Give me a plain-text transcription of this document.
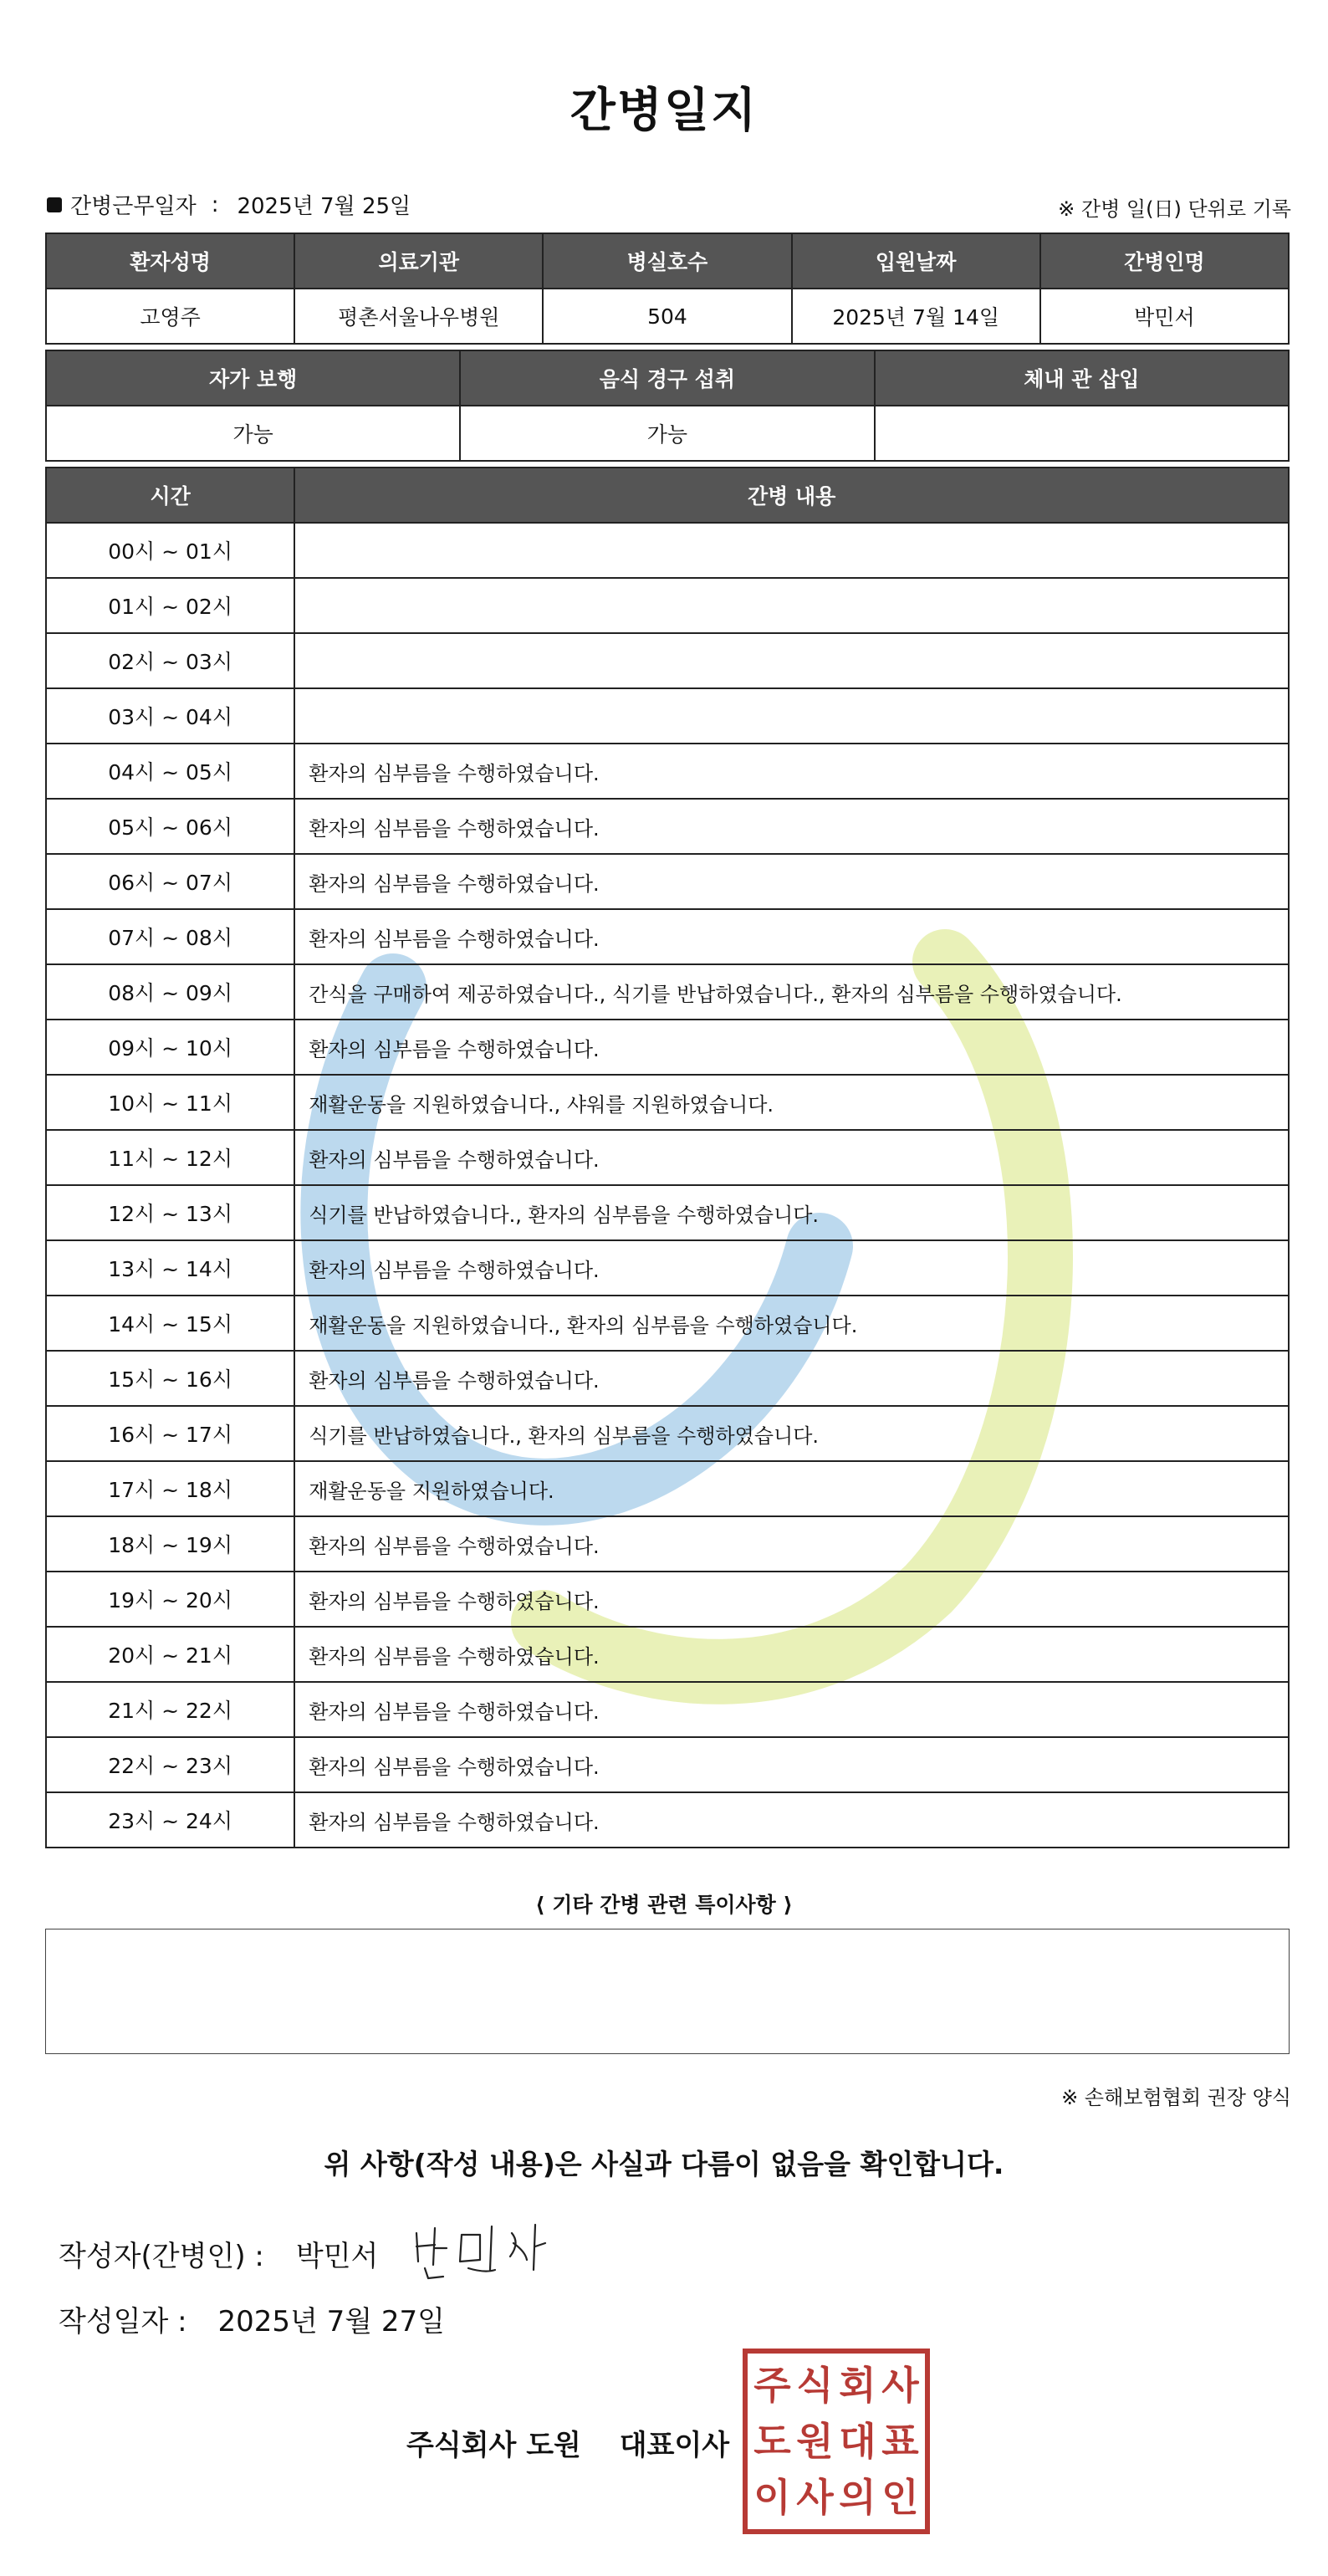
간병일지
간병근무일자 : 2025년 7월 25일	※ 간병 일(日) 단위로 기록
환자성명	의료기관	병실호수	입원날짜	간병인명
고영주	평촌서울나우병원	504	2025년 7월 14일	박민서
자가 보행	음식 경구 섭취	체내 관 삽입
가능	가능	
시간	간병 내용
00시 ~ 01시	
01시 ~ 02시	
02시 ~ 03시	
03시 ~ 04시	
04시 ~ 05시	환자의 심부름을 수행하였습니다.
05시 ~ 06시	환자의 심부름을 수행하였습니다.
06시 ~ 07시	환자의 심부름을 수행하였습니다.
07시 ~ 08시	환자의 심부름을 수행하였습니다.
08시 ~ 09시	간식을 구매하여 제공하였습니다., 식기를 반납하였습니다., 환자의 심부름을 수행하였습니다.
09시 ~ 10시	환자의 심부름을 수행하였습니다.
10시 ~ 11시	재활운동을 지원하였습니다., 샤워를 지원하였습니다.
11시 ~ 12시	환자의 심부름을 수행하였습니다.
12시 ~ 13시	식기를 반납하였습니다., 환자의 심부름을 수행하였습니다.
13시 ~ 14시	환자의 심부름을 수행하였습니다.
14시 ~ 15시	재활운동을 지원하였습니다., 환자의 심부름을 수행하였습니다.
15시 ~ 16시	환자의 심부름을 수행하였습니다.
16시 ~ 17시	식기를 반납하였습니다., 환자의 심부름을 수행하였습니다.
17시 ~ 18시	재활운동을 지원하였습니다.
18시 ~ 19시	환자의 심부름을 수행하였습니다.
19시 ~ 20시	환자의 심부름을 수행하였습니다.
20시 ~ 21시	환자의 심부름을 수행하였습니다.
21시 ~ 22시	환자의 심부름을 수행하였습니다.
22시 ~ 23시	환자의 심부름을 수행하였습니다.
23시 ~ 24시	환자의 심부름을 수행하였습니다.
⟨ 기타 간병 관련 특이사항 ⟩
※ 손해보험협회 권장 양식
위 사항(작성 내용)은 사실과 다름이 없음을 확인합니다.
작성자(간병인) : 박민서
작성일자 : 2025년 7월 27일
주식회사 도원 대표이사
주 식 회 사
도 원 대 표
이 사 의 인
